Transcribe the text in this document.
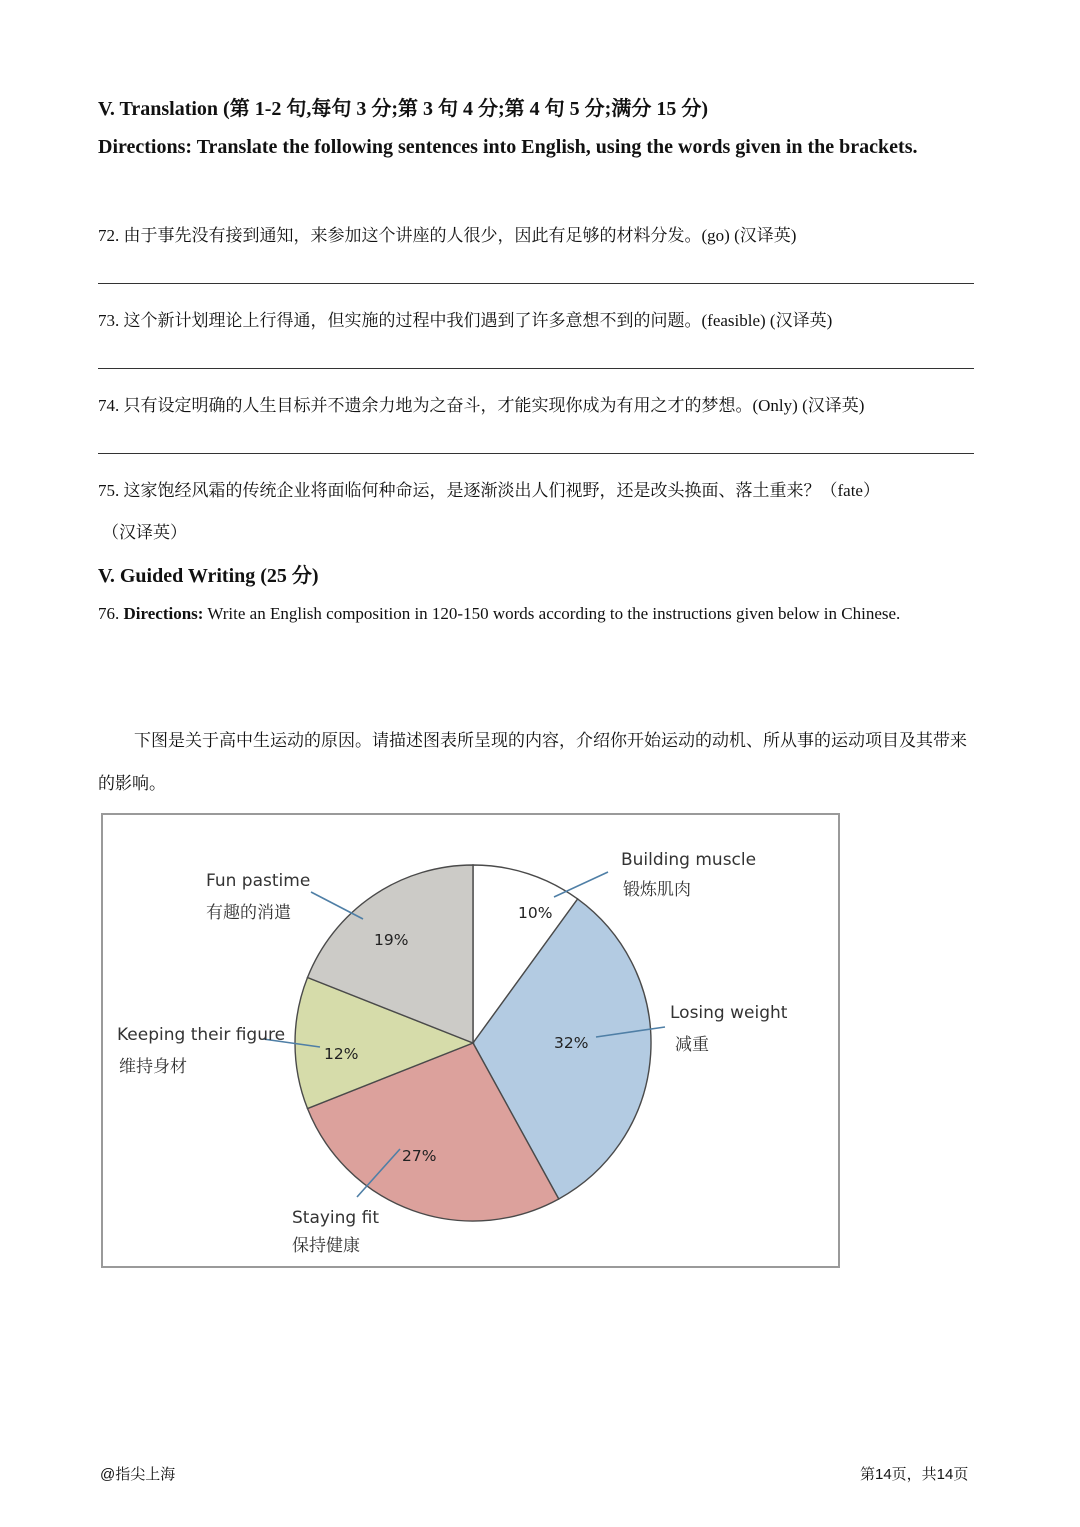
V. Translation (第 1-2 句,每句 3 分;第 3 句 4 分;第 4 句 5 分;满分 15 分)
Directions: Translate the following sentences into English, using the words given in the brackets.
72. 由于事先没有接到通知，来参加这个讲座的人很少，因此有足够的材料分发。(go) (汉译英)
73. 这个新计划理论上行得通，但实施的过程中我们遇到了许多意想不到的问题。(feasible) (汉译英)
74. 只有设定明确的人生目标并不遗余力地为之奋斗，才能实现你成为有用之才的梦想。(Only) (汉译英)
75. 这家饱经风霜的传统企业将面临何种命运，是逐渐淡出人们视野，还是改头换面、落土重来？（fate）
（汉译英）
V. Guided Writing (25 分)
76. Directions: Write an English composition in 120-150 words according to the instructions given below in Chinese.
下图是关于高中生运动的原因。请描述图表所呈现的内容，介绍你开始运动的动机、所从事的运动项目及其带来的影响。
10%
32%
27%
12%
19%
Building muscle
锻炼肌肉
Losing weight
减重
Staying fit
保持健康
Keeping their figure
维持身材
Fun pastime
有趣的消遣
@指尖上海	第14页，共14页
